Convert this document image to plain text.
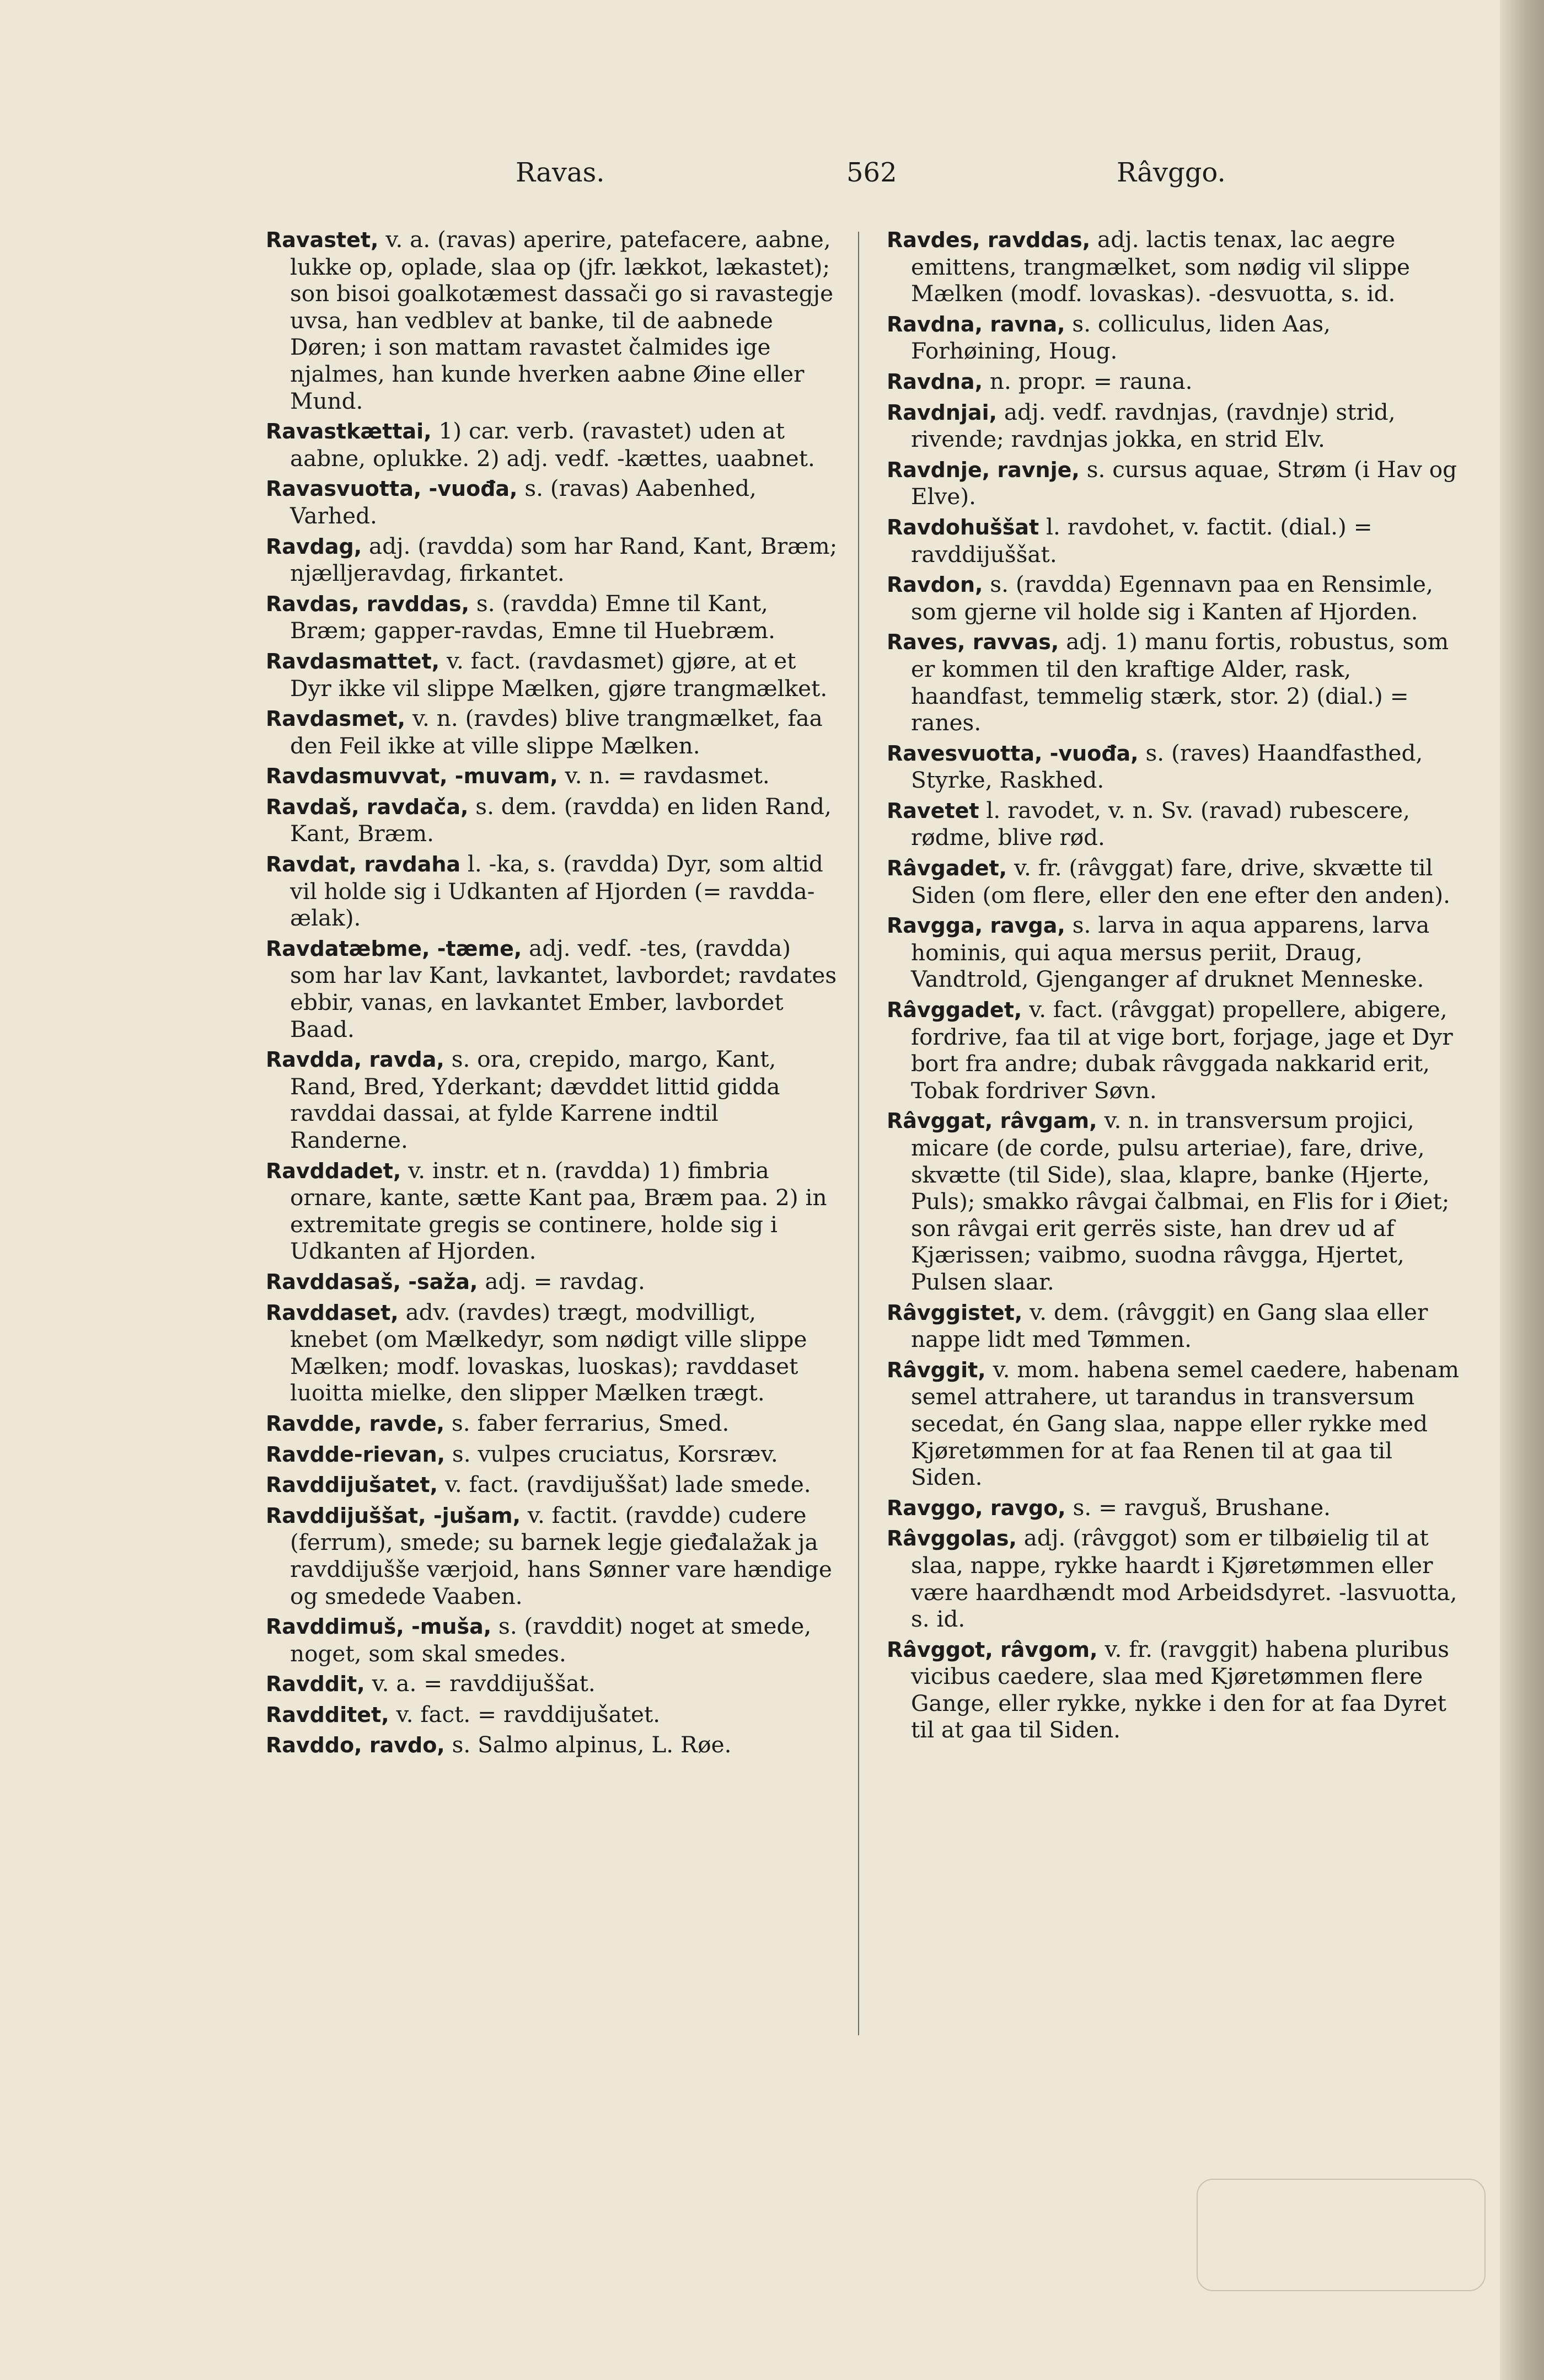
Ravas.	562	Râvggo.

Ravastet, v. a. (ravas) aperire, patefacere, aabne, lukke op, oplade, slaa op (jfr. lækkot, lækastet); son bisoi goalkotæmest dassači go si ravastegje uvsa, han vedblev at banke, til de aabnede Døren; i son mattam ravastet čalmides ige njalmes, han kunde hverken aabne Øine eller Mund.

Ravastkættai, 1) car. verb. (ravastet) uden at aabne, oplukke. 2) adj. vedf. -kættes, uaabnet.

Ravasvuotta, -vuođa, s. (ravas) Aabenhed, Varhed.

Ravdag, adj. (ravdda) som har Rand, Kant, Bræm; njælljeravdag, firkantet.

Ravdas, ravddas, s. (ravdda) Emne til Kant, Bræm; gapper-ravdas, Emne til Huebræm.

Ravdasmattet, v. fact. (ravdasmet) gjøre, at et Dyr ikke vil slippe Mælken, gjøre trangmælket.

Ravdasmet, v. n. (ravdes) blive trangmælket, faa den Feil ikke at ville slippe Mælken.

Ravdasmuvvat, -muvam, v. n. = ravdasmet.

Ravdaš, ravdača, s. dem. (ravdda) en liden Rand, Kant, Bræm.

Ravdat, ravdaha l. -ka, s. (ravdda) Dyr, som altid vil holde sig i Udkanten af Hjorden (= ravdda-ælak).

Ravdatæbme, -tæme, adj. vedf. -tes, (ravdda) som har lav Kant, lavkantet, lavbordet; ravdates ebbir, vanas, en lavkantet Ember, lavbordet Baad.

Ravdda, ravda, s. ora, crepido, margo, Kant, Rand, Bred, Yderkant; dævddet littid gidda ravddai dassai, at fylde Karrene indtil Randerne.

Ravddadet, v. instr. et n. (ravdda) 1) fimbria ornare, kante, sætte Kant paa, Bræm paa. 2) in extremitate gregis se continere, holde sig i Udkanten af Hjorden.

Ravddasaš, -saža, adj. = ravdag.

Ravddaset, adv. (ravdes) trægt, modvilligt, knebet (om Mælkedyr, som nødigt ville slippe Mælken; modf. lovaskas, luoskas); ravddaset luoitta mielke, den slipper Mælken trægt.

Ravdde, ravde, s. faber ferrarius, Smed.

Ravdde-rievan, s. vulpes cruciatus, Korsræv.

Ravddijušatet, v. fact. (ravdijuššat) lade smede.

Ravddijuššat, -jušam, v. factit. (ravdde) cudere (ferrum), smede; su barnek legje gieđalažak ja ravddijušše værjoid, hans Sønner vare hændige og smedede Vaaben.

Ravddimuš, -muša, s. (ravddit) noget at smede, noget, som skal smedes.

Ravddit, v. a. = ravddijuššat.

Ravdditet, v. fact. = ravddijušatet.

Ravddo, ravdo, s. Salmo alpinus, L. Røe.

Ravdes, ravddas, adj. lactis tenax, lac aegre emittens, trangmælket, som nødig vil slippe Mælken (modf. lovaskas). -desvuotta, s. id.

Ravdna, ravna, s. colliculus, liden Aas, Forhøining, Houg.

Ravdna, n. propr. = rauna.

Ravdnjai, adj. vedf. ravdnjas, (ravdnje) strid, rivende; ravdnjas jokka, en strid Elv.

Ravdnje, ravnje, s. cursus aquae, Strøm (i Hav og Elve).

Ravdohuššat l. ravdohet, v. factit. (dial.) = ravddijuššat.

Ravdon, s. (ravdda) Egennavn paa en Rensimle, som gjerne vil holde sig i Kanten af Hjorden.

Raves, ravvas, adj. 1) manu fortis, robustus, som er kommen til den kraftige Alder, rask, haandfast, temmelig stærk, stor. 2) (dial.) = ranes.

Ravesvuotta, -vuođa, s. (raves) Haandfasthed, Styrke, Raskhed.

Ravetet l. ravodet, v. n. Sv. (ravad) rubescere, rødme, blive rød.

Râvgadet, v. fr. (râvggat) fare, drive, skvætte til Siden (om flere, eller den ene efter den anden).

Ravgga, ravga, s. larva in aqua apparens, larva hominis, qui aqua mersus periit, Draug, Vandtrold, Gjenganger af druknet Menneske.

Râvggadet, v. fact. (râvggat) propellere, abigere, fordrive, faa til at vige bort, forjage, jage et Dyr bort fra andre; dubak râvggada nakkarid erit, Tobak fordriver Søvn.

Râvggat, râvgam, v. n. in transversum projici, micare (de corde, pulsu arteriae), fare, drive, skvætte (til Side), slaa, klapre, banke (Hjerte, Puls); smakko râvgai čalbmai, en Flis for i Øiet; son râvgai erit gerrës siste, han drev ud af Kjærissen; vaibmo, suodna râvgga, Hjertet, Pulsen slaar.

Râvggistet, v. dem. (râvggit) en Gang slaa eller nappe lidt med Tømmen.

Râvggit, v. mom. habena semel caedere, habenam semel attrahere, ut tarandus in transversum secedat, én Gang slaa, nappe eller rykke med Kjøretømmen for at faa Renen til at gaa til Siden.

Ravggo, ravgo, s. = ravguš, Brushane.

Râvggolas, adj. (râvggot) som er tilbøielig til at slaa, nappe, rykke haardt i Kjøretømmen eller være haardhændt mod Arbeidsdyret. -lasvuotta, s. id.

Râvggot, râvgom, v. fr. (ravggit) habena pluribus vicibus caedere, slaa med Kjøretømmen flere Gange, eller rykke, nykke i den for at faa Dyret til at gaa til Siden.
